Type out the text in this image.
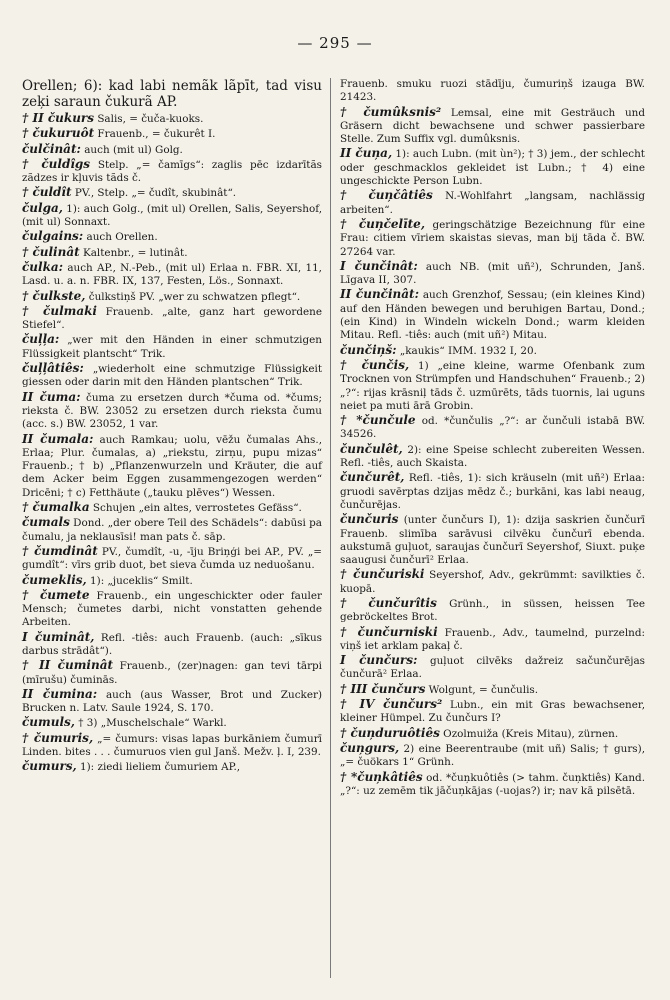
— 295 —
Orellen; 6): kad labi nemãk lãpīt, tad visu zeķi saraun čukurã AP.
† II čukurs Salis, = čuča-kuoks.
† čukuruôt Frauenb., = čukurêt I.
čulčinât: auch (mit ul) Golg.
† čuldîgs Stelp. „= čamīgs“: zaglis pēc izdarītãs zãdzes ir kļuvis tãds č.
† čuldît PV., Stelp. „= čudît, skubinât“.
čulga, 1): auch Golg., (mit ul) Orellen, Salis, Seyershof, (mit ul) Sonnaxt.
čulgains: auch Orellen.
† čulinât Kaltenbr., = lutinât.
čulka: auch AP., N.-Peb., (mit ul) Erlaa n. FBR. XI, 11, Lasd. u. a. n. FBR. IX, 137, Festen, Lös., Sonnaxt.
† čulkste, čulkstiņš PV. „wer zu schwatzen pflegt“.
† čulmaki Frauenb. „alte, ganz hart gewordene Stiefel“.
čuļļa: „wer mit den Händen in einer schmutzigen Flüssigkeit plantscht“ Trik.
čuļļâtiês: „wiederholt eine schmutzige Flüssigkeit giessen oder darin mit den Händen plantschen“ Trik.
II čuma: čuma zu ersetzen durch *čuma od. *čums; riekstа č. BW. 23052 zu ersetzen durch riekstа čumu (acc. s.) BW. 23052, 1 var.
II čumala: auch Ramkau; uolu, vēžu čumalas Ahs., Erlaa; Plur. čumalas, a) „riekstu, zirņu, pupu mizas“ Frauenb.; † b) „Pflanzenwurzeln und Kräuter, die auf dem Acker beim Eggen zusammengezogen werden“ Dricēni; † c) Fetthäute („tauku plēves“) Wessen.
† čumalka Schujen „ein altes, verrostetes Gefäss“.
čumals Dond. „der obere Teil des Schädels“: dabūsi pa čumalu, ja neklausīsi! man pats č. sāp.
† čumdinât PV., čumdît, -u, -īju Briņģi bei AP., PV. „= gumdît“: vīrs grib duot, bet sieva čumda uz neduošanu.
čumeklis, 1): „juceklis“ Smilt.
† čumete Frauenb., ein ungeschickter oder fauler Mensch; čumetes darbi, nicht vonstatten gehende Arbeiten.
I čuminât, Refl. -tiês: auch Frauenb. (auch: „sīkus darbus strādât“).
† II čuminât Frauenb., (zer)nagen: gan tevi tārpi (mīrušu) čuminās.
II čumina: auch (aus Wasser, Brot und Zucker) Brucken n. Latv. Saule 1924, S. 170.
čumuls, † 3) „Muschelschale“ Warkl.
† čumuris, „= čumurs: visas lapas burkāniem čumurī Linden. bites . . . čumuruos vien gul Janš. Mežv. ļ. I, 239.
čumurs, 1): ziedi lieliem čumuriem AP.,
Frauenb. smuku ruozi stādīju, čumuriņš izauga BW. 21423.
† čumûksnis² Lemsal, eine mit Gesträuch und Gräsern dicht bewachsene und schwer passierbare Stelle. Zum Suffix vgl. dumûksnis.
II čuņa, 1): auch Lubn. (mit ùn²); † 3) jem., der schlecht oder geschmacklos gekleidet ist Lubn.; † 4) eine ungeschickte Person Lubn.
† čuņčâtiês N.-Wohlfahrt „langsam, nachlässig arbeiten“.
† čuņčelīte, geringschätzige Bezeichnung für eine Frau: citiem vīriem skaistas sievas, man bij tāda č. BW. 27264 var.
I čunčinât: auch NB. (mit uñ²), Schrunden, Janš. Līgava II, 307.
II čunčinât: auch Grenzhof, Sessau; (ein kleines Kind) auf den Händen bewegen und beruhigen Bartau, Dond.; (ein Kind) in Windeln wickeln Dond.; warm kleiden Mitau. Refl. -tiês: auch (mit uñ²) Mitau.
čunčiņš: „kaukis“ IMM. 1932 I, 20.
† čunčis, 1) „eine kleine, warme Ofenbank zum Trocknen von Strümpfen und Handschuhen“ Frauenb.; 2) „?“: rijas krāsniļ tāds č. uzmūrēts, tāds tuornis, lai uguns neiet pa muti ārā Grobin.
† *čunčule od. *čunčulis „?“: ar čunčuli istabā BW. 34526.
čunčulêt, 2): eine Speise schlecht zubereiten Wessen. Refl. -tiês, auch Skaista.
čunčurêt, Refl. -tiês, 1): sich kräuseln (mit uñ²) Erlaa: gruodi savērptas dzijas mēdz č.; burkāni, kas labi neaug, čunčurējas.
čunčuris (unter čunčurs I), 1): dzija saskrien čunčurī Frauenb. slimība sarāvusi cilvēku čunčurī ebenda. aukstumā guļuot, saraujas čunčurī Seyershof, Siuxt. puķe saaugusi čunčurī² Erlaa.
† čunčuriski Seyershof, Adv., gekrümmt: savilkties č. kuopā.
† čunčurîtis Grünh., in süssen, heissen Tee gebröckeltes Brot.
† čunčurniski Frauenb., Adv., taumelnd, purzelnd: viņš iet arklam pakaļ č.
I čunčurs: guļuot cilvēks dažreiz sačunčurējas čunčurā² Erlaa.
† III čunčurs Wolgunt, = čunčulis.
† IV čunčurs² Lubn., ein mit Gras bewachsener, kleiner Hümpel. Zu čunčurs I?
† čuņduruôtiês Ozolmuiža (Kreis Mitau), zürnen.
čuņgurs, 2) eine Beerentraube (mit uñ) Salis; † gurs), „= čuökars 1“ Grünh.
† *čuņkâtiês od. *čuņkuôtiês (> tahm. čuņktiês) Kand. „?“: uz zemēm tik jāčuņkājas (-uojas?) ir; nav kā pilsētā.
